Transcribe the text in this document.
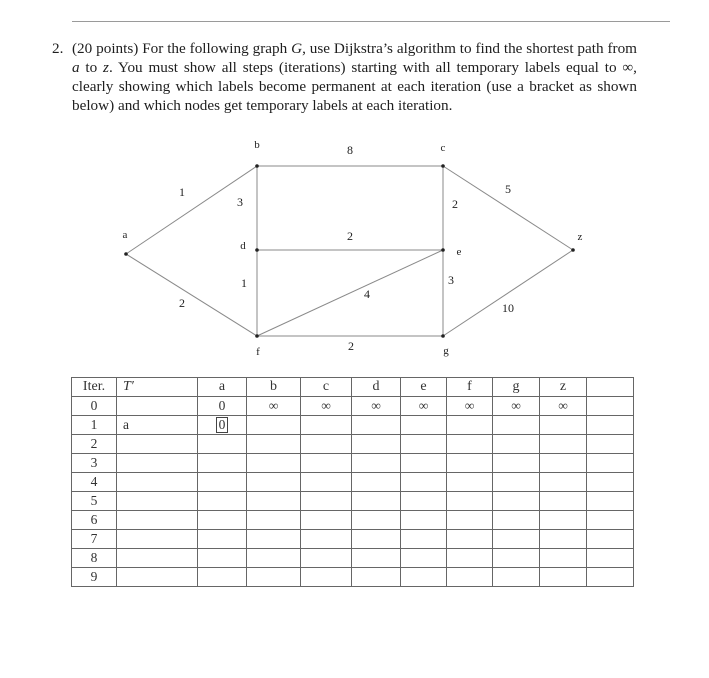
2. (20 points) For the following graph G, use Dijkstra’s algorithm to find the shortest path from a to z. You must show all steps (iterations) starting with all temporary labels equal to ∞, clearly showing which labels become permanent at each iteration (use a bracket as shown below) and which nodes get temporary labels at each iteration.
1
2
8
3
2
1
2
5
4
3
2
10
a
b	c
d	e
f	g
z
Iter.	T′	a	b	c	d	e	f	g	z	
0		0	∞	∞	∞	∞	∞	∞	∞	
1	a	0								
2										
3										
4										
5										
6										
7										
8										
9										
